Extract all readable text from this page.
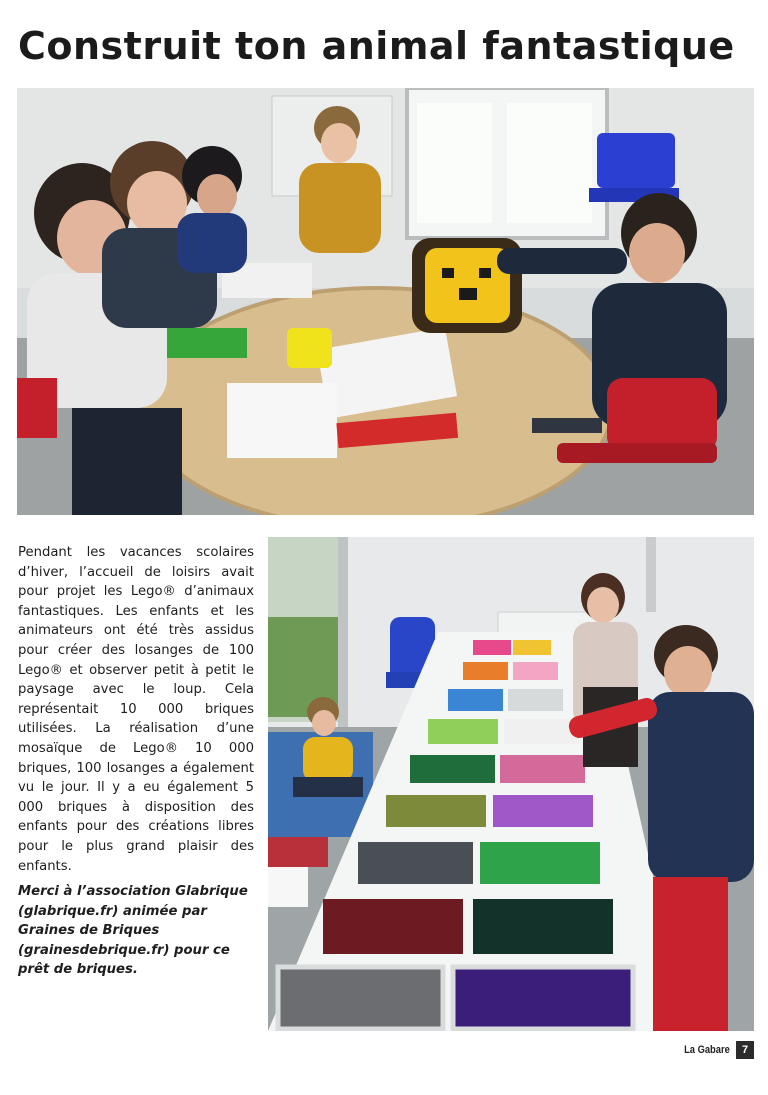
Construit ton animal fantastique

Pendant les vacances scolaires d’hiver, l’accueil de loisirs avait pour projet les Lego® d’animaux fantastiques. Les enfants et les animateurs ont été très assidus pour créer des losanges de 100 Lego® et observer petit à petit le paysage avec le loup. Cela représentait 10 000 briques utilisées. La réalisation d’une mosaïque de Lego® 10 000 briques, 100 losanges a également vu le jour. Il y a eu également 5 000 briques à disposition des enfants pour des créations libres pour le plus grand plaisir des enfants.

Merci à l’association Glabrique (glabrique.fr) animée par Graines de Briques (grainesdebrique.fr) pour ce prêt de briques.

La Gabare	7
